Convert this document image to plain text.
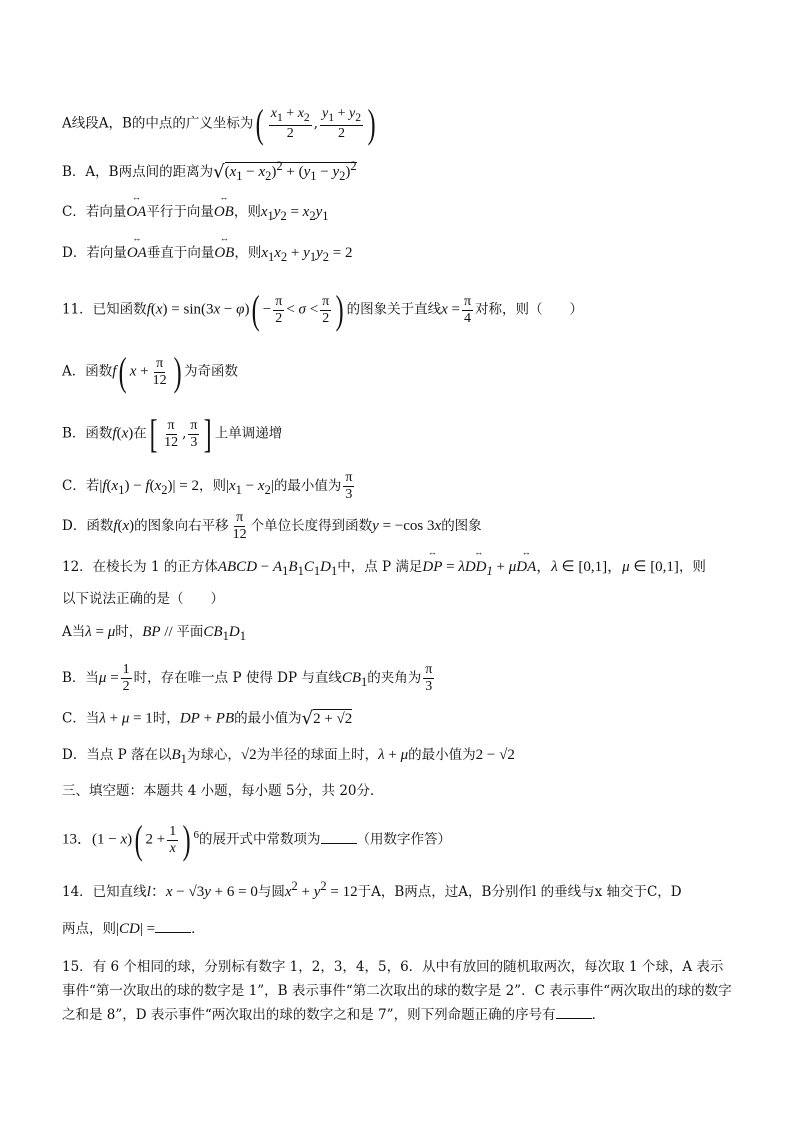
A线段A，B的中点的广义坐标为( $\frac{x_1 + x_2}{2}$ , $\frac{y_1 + y_2}{2}$ )
B．A，B两点间的距离为$√(x_1 - x_2)^2 + (y_1 - y_2)^2$
C．若向量↔ OA平行于向量↔ OB，则$x_1y_2 = x_2y_1$
D．若向量↔ OA垂直于向量↔ OB，则$x_1x_2 + y_1y_2 = 2$
11．已知函数$f(x) = \sin(3x - \varphi)( - \frac{\pi}{2} < \sigma < \frac{\pi}{2}$ ) 的图象关于直线$x = \frac{\pi}{4}$ 对称，则（　　）
A．函数f( $x + \frac{\pi}{12}$ ) 为奇函数
B．函数f(x)在[ $\frac{\pi}{12}$ , $\frac{\pi}{3}$ ] 上单调递增
C．若$|f(x_1) - f(x_2)| = 2$，则$|x_1 - x_2|$的最小值为 $\frac{\pi}{3}$
D．函数f(x)的图象向右平移 $\frac{\pi}{12}$ 个单位长度得到函数y = −cos 3x的图象
12．在棱长为 1 的正方体ABCD − $A_1B_1C_1D_1$中，点 P 满足↔ DP = λ↔ $DD_1$ + μ↔ DA，λ ∈ [0,1]，μ ∈ [0,1]，则
以下说法正确的是（　　）
A当λ = μ时，BP // 平面$CB_1D_1$
B．当$\mu = \frac{1}{2}$ 时，存在唯一点 P 使得 DP 与直线$CB_1$的夹角为 $\frac{\pi}{3}$
C．当λ + μ = 1时，DP + PB的最小值为√2 + √2
D．当点 P 落在以$B_1$为球心，√2为半径的球面上时，λ + μ的最小值为2 − √2
三、填空题：本题共 4 小题，每小题 5分，共 20分．
13．(1 − x)( $2 + \frac{1}{x}$ ) $^6$的展开式中常数项为	（用数字作答）
14．已知直线l：x − √3y + 6 = 0与圆$x^2 + y^2 = 12$于A，B两点，过A，B分别作l 的垂线与x 轴交于C，D
两点，则|CD| =	．
15．有 6 个相同的球，分别标有数字 1，2，3，4，5，6．从中有放回的随机取两次，每次取 1 个球，A 表示事件“第一次取出的球的数字是 1”，B 表示事件“第二次取出的球的数字是 2”．C 表示事件“两次取出的球的数字之和是 8”，D 表示事件“两次取出的球的数字之和是 7”，则下列命题正确的序号有	．
